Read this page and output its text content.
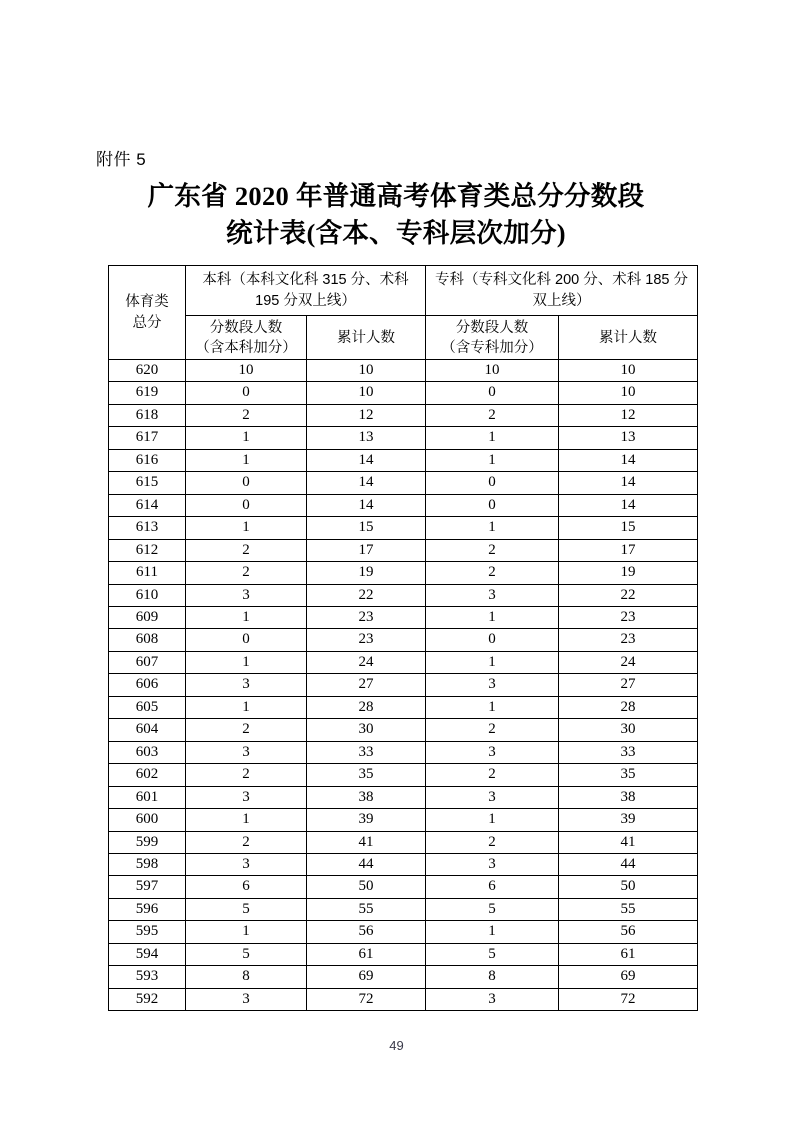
附件 5
广东省 2020 年普通高考体育类总分分数段
统计表(含本、专科层次加分)
体育类
总分	本科（本科文化科 315 分、术科 195 分双上线）		专科（专科文化科 200 分、术科 185 分双上线）	

分数段人数
（含本科加分）
	累计人数	
分数段人数
（含专科加分）
	累计人数
620	10	10	10	10
619	0	10	0	10
618	2	12	2	12
617	1	13	1	13
616	1	14	1	14
615	0	14	0	14
614	0	14	0	14
613	1	15	1	15
612	2	17	2	17
611	2	19	2	19
610	3	22	3	22
609	1	23	1	23
608	0	23	0	23
607	1	24	1	24
606	3	27	3	27
605	1	28	1	28
604	2	30	2	30
603	3	33	3	33
602	2	35	2	35
601	3	38	3	38
600	1	39	1	39
599	2	41	2	41
598	3	44	3	44
597	6	50	6	50
596	5	55	5	55
595	1	56	1	56
594	5	61	5	61
593	8	69	8	69
592	3	72	3	72
49
